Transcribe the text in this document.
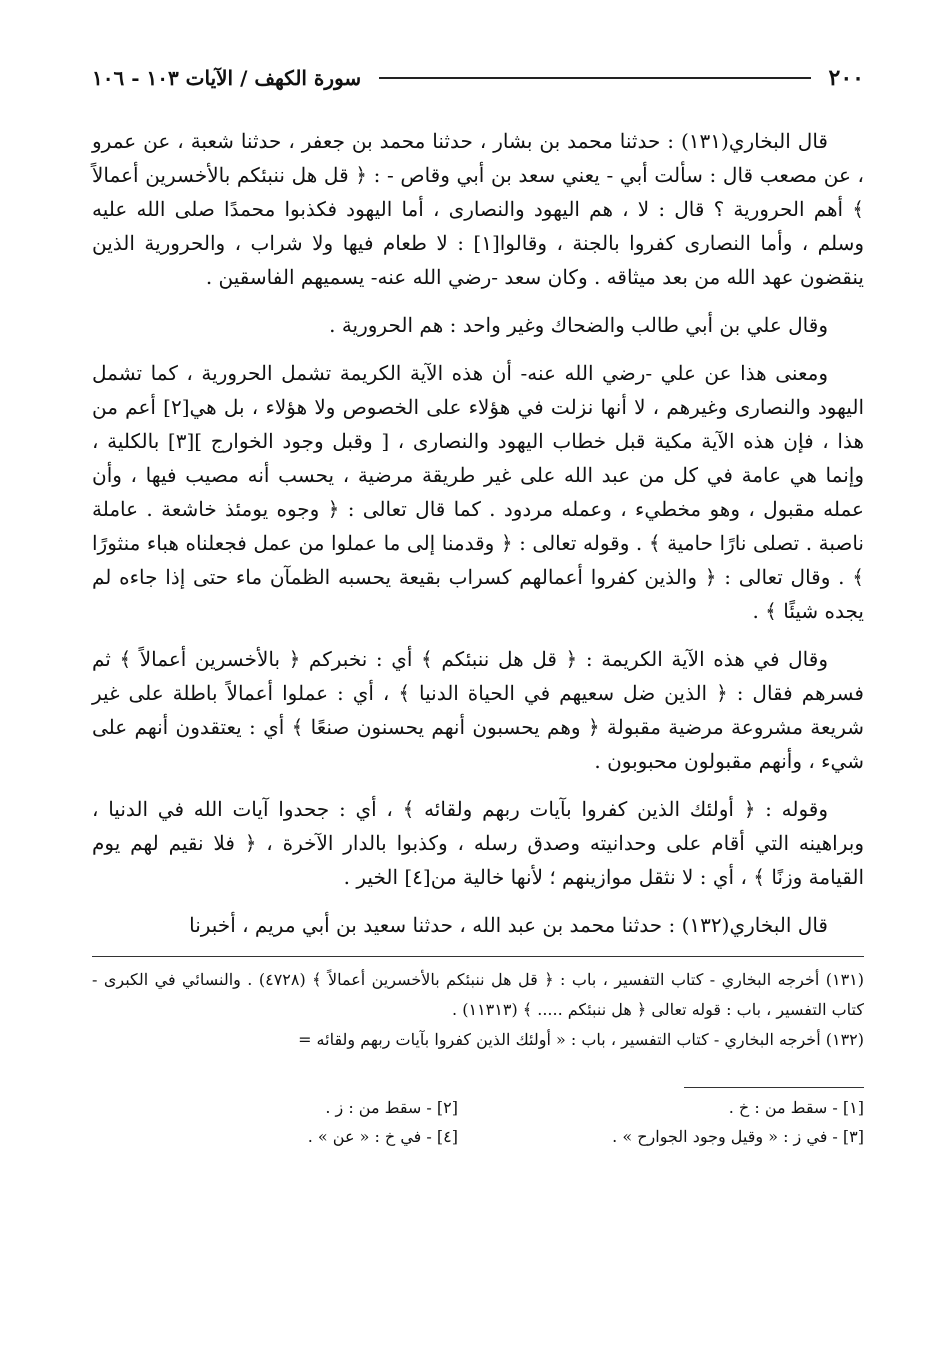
٢٠٠
سورة الكهف / الآيات ١٠٣ - ١٠٦

قال البخاري(١٣١) : حدثنا محمد بن بشار ، حدثنا محمد بن جعفر ، حدثنا شعبة ، عن عمرو ، عن مصعب قال : سألت أبي - يعني سعد بن أبي وقاص - : ﴿ قل هل ننبئكم بالأخسرين أعمالاً ﴾ أهم الحرورية ؟ قال : لا ، هم اليهود والنصارى ، أما اليهود فكذبوا محمدًا صلى الله عليه وسلم ، وأما النصارى كفروا بالجنة ، وقالوا[١] : لا طعام فيها ولا شراب ، والحرورية الذين ينقضون عهد الله من بعد ميثاقه . وكان سعد -رضي الله عنه- يسميهم الفاسقين .

وقال علي بن أبي طالب والضحاك وغير واحد : هم الحرورية .

ومعنى هذا عن علي -رضي الله عنه- أن هذه الآية الكريمة تشمل الحرورية ، كما تشمل اليهود والنصارى وغيرهم ، لا أنها نزلت في هؤلاء على الخصوص ولا هؤلاء ، بل هي[٢] أعم من هذا ، فإن هذه الآية مكية قبل خطاب اليهود والنصارى ، [ وقبل وجود الخوارج ][٣] بالكلية ، وإنما هي عامة في كل من عبد الله على غير طريقة مرضية ، يحسب أنه مصيب فيها ، وأن عمله مقبول ، وهو مخطيء ، وعمله مردود . كما قال تعالى : ﴿ وجوه يومئذ خاشعة . عاملة ناصبة . تصلى نارًا حامية ﴾ . وقوله تعالى : ﴿ وقدمنا إلى ما عملوا من عمل فجعلناه هباء منثورًا ﴾ . وقال تعالى : ﴿ والذين كفروا أعمالهم كسراب بقيعة يحسبه الظمآن ماء حتى إذا جاءه لم يجده شيئًا ﴾ .

وقال في هذه الآية الكريمة : ﴿ قل هل ننبئكم ﴾ أي : نخبركم ﴿ بالأخسرين أعمالاً ﴾ ثم فسرهم فقال : ﴿ الذين ضل سعيهم في الحياة الدنيا ﴾ ، أي : عملوا أعمالاً باطلة على غير شريعة مشروعة مرضية مقبولة ﴿ وهم يحسبون أنهم يحسنون صنعًا ﴾ أي : يعتقدون أنهم على شيء ، وأنهم مقبولون محبوبون .

وقوله : ﴿ أولئك الذين كفروا بآيات ربهم ولقائه ﴾ ، أي : جحدوا آيات الله في الدنيا ، وبراهينه التي أقام على وحدانيته وصدق رسله ، وكذبوا بالدار الآخرة ، ﴿ فلا نقيم لهم يوم القيامة وزنًا ﴾ ، أي : لا نثقل موازينهم ؛ لأنها خالية من[٤] الخير .

قال البخاري(١٣٢) : حدثنا محمد بن عبد الله ، حدثنا سعيد بن أبي مريم ، أخبرنا

(١٣١) أخرجه البخاري - كتاب التفسير ، باب : ﴿ قل هل ننبئكم بالأخسرين أعمالاً ﴾ (٤٧٢٨) . والنسائي في الكبرى - كتاب التفسير ، باب : قوله تعالى ﴿ هل ننبئكم ..... ﴾ (١١٣١٣) .

(١٣٢) أخرجه البخاري - كتاب التفسير ، باب : « أولئك الذين كفروا بآيات ربهم ولقائه =

[١] - سقط من : خ .
[٢] - سقط من : ز .
[٣] - في ز : « وقيل وجود الجوارح » .
[٤] - في خ : « عن » .
